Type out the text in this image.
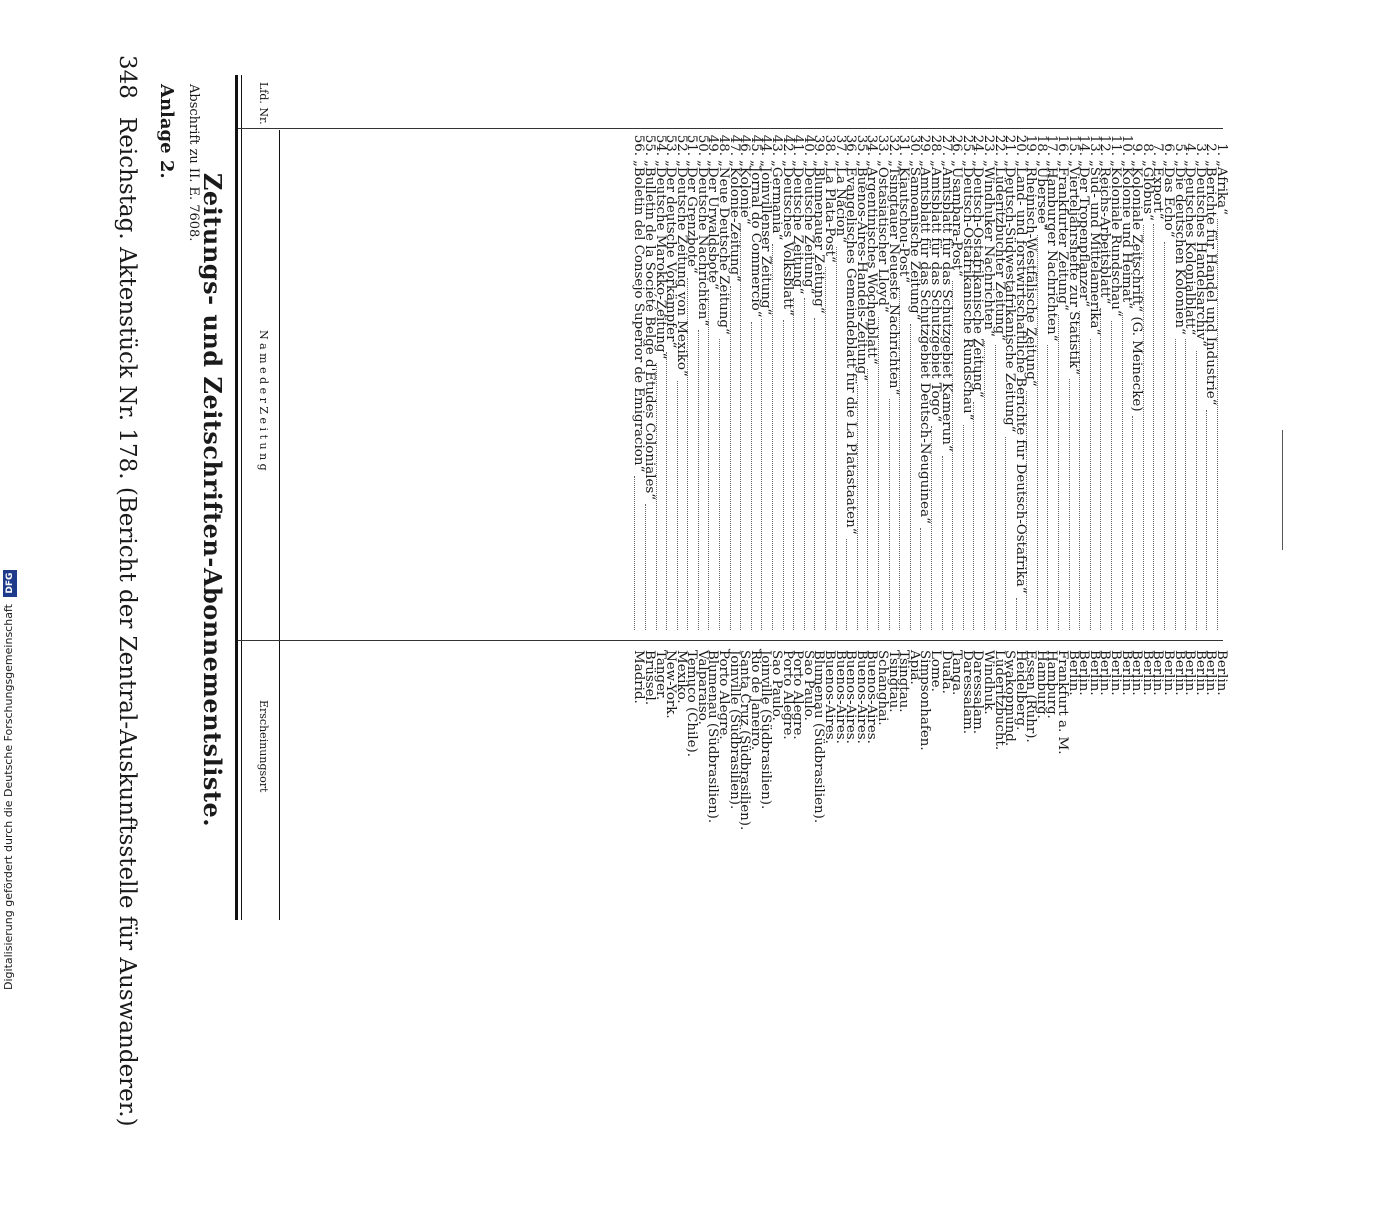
348
Reichstag. Aktenstück Nr. 178. (Bericht der Zentral-Auskunftsstelle für Auswanderer.) Anlage 2. Abschrift zu II. E. 7608.
Zeitungs- und Zeitschriften-Abonnementsliste.
Lfd. Nr.
N a m e d e r Z e i t u n g
Erscheinungsort
1.
„Afrika“
2.
„Berichte für Handel und Industrie“
3.
„Deutsches Handelsarchiv“
4.
„Deutsches Kolonialblatt“
5.
„Die deutschen Kolonien“
6.
„Das Echo“
7.
„Export“
8.
„Globus“
9.
„Koloniale Zeitschrift“ (G. Meinecke)
10.
„Kolonie und Heimat“
11.
„Koloniale Rundschau“
12.
„Reichs-Arbeitsblatt“
13.
„Süd- und Mittelamerika“
14.
„Der Tropenpflanzer“
15.
„Vierteljahrshefte zur Statistik“
16.
„Frankfurter Zeitung“
17.
„Hamburger Nachrichten“
18.
„Übersee“
19.
„Rheinisch-Westfälische Zeitung“
20.
„Land- und forstwirtschaftliche Berichte für Deutsch-Ostafrika“
21.
„Deutsch-Südwestafrikanische Zeitung“
22.
„Lüderitzbuchter Zeitung“
23.
„Windhuker Nachrichten“
24.
„Deutsch-Ostafrikanische Zeitung“
25.
„Deutsch-Ostafrikanische Rundschau“
26.
„Usambara-Post“
27.
„Amtsblatt für das Schutzgebiet Kamerun“
28.
„Amtsblatt für das Schutzgebiet Togo“
29.
„Amtsblatt für das Schutzgebiet Deutsch-Neuguinea“
30.
„Samoanische Zeitung“
31.
„Kiautschou-Post“
32.
„Tsingtauer Neueste Nachrichten“
33.
„Ostasiatischer Lloyd“
34.
„Argentinisches Wochenblatt“
35.
„Buenos-Aires-Handels-Zeitung“
36.
„Evangelisches Gemeindeblatt für die La Platastaaten“
37.
„La Nacion“
38.
„La Plata-Post“
39.
„Blumenauer Zeitung“
40.
„Deutsche Zeitung“
41.
„Deutsche Zeitung“
42.
„Deutsches Volksblatt“
43.
„Germania“
44.
„Joinvillenser Zeitung“
45.
„Jornal do Commercio“
46.
„Kolonie“
47.
„Kolonie-Zeitung“
48.
„Neue Deutsche Zeitung“
49.
„Der Urwaldsbote“
50.
„Deutsche Nachrichten“
51.
„Der Grenzbote“
52.
„Deutsche Zeitung von Mexiko“
53.
„Der deutsche Vorkämpfer“
54.
„Deutsche Marokko-Zeitung“
55.
„Bulletin de la Société Belge d'Etudes Coloniales“
56.
„Boletin del Consejo Superior de Emigracion“
Berlin.
Berlin.
Berlin.
Berlin.
Berlin.
Berlin.
Berlin.
Berlin.
Berlin.
Berlin.
Berlin.
Berlin.
Berlin.
Berlin.
Berlin.
Frankfurt a. M.
Hamburg.
Hamburg.
Essen (Ruhr).
Heidelberg.
Swakopmund.
Lüderitzbucht.
Windhuk.
Daressalam.
Daressalam.
Tanga.
Duala.
Lome.
Simpsonhafen.
Apia.
Tsingtau.
Tsingtau.
Schanghai.
Buenos-Aires.
Buenos-Aires.
Buenos-Aires.
Buenos-Aires.
Buenos-Aires.
Blumenau (Südbrasilien).
Sao Paulo.
Porto Alegre.
Porto Alegre.
Sao Paulo.
Joinville (Südbrasilien).
Rio de Janeiro.
Santa Cruz (Südbrasilien).
Joinville (Südbrasilien).
Porto Alegre.
Blumenau (Südbrasilien).
Valparaiso.
Temuco (Chile).
Mexiko.
New-York.
Tanger.
Brüssel.
Madrid.
Digitalisierung gefördert durch die Deutsche Forschungsgemeinschaft DFG
